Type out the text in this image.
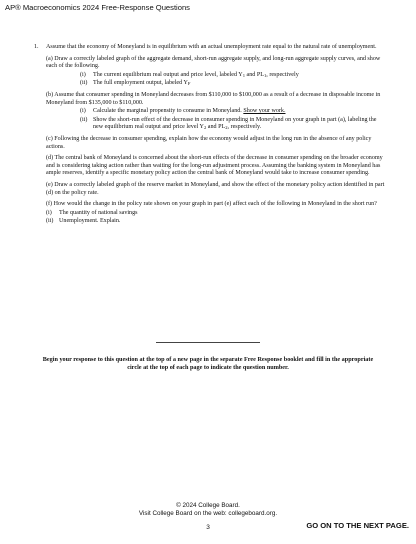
AP® Macroeconomics 2024 Free-Response Questions
1.	Assume that the economy of Moneyland is in equilibrium with an actual unemployment rate equal to the natural rate of unemployment.
(a) Draw a correctly labeled graph of the aggregate demand, short-run aggregate supply, and long-run aggregate supply curves, and show each of the following.
(i)	The current equilibrium real output and price level, labeled $Y_1$ and $PL_1$, respectively
(ii) The full employment output, labeled $Y_F$
(b) Assume that consumer spending in Moneyland decreases from $110,000 to $100,000 as a result of a decrease in disposable income in Moneyland from $135,000 to $110,000.
(i)	Calculate the marginal propensity to consume in Moneyland. Show your work.
(ii) Show the short-run effect of the decrease in consumer spending in Moneyland on your graph in part (a), labeling the new equilibrium real output and price level $Y_2$ and $PL_2$, respectively.
(c) Following the decrease in consumer spending, explain how the economy would adjust in the long run in the absence of any policy actions.
(d) The central bank of Moneyland is concerned about the short-run effects of the decrease in consumer spending on the broader economy and is considering taking action rather than waiting for the long-run adjustment process. Assuming the banking system in Moneyland has ample reserves, identify a specific monetary policy action the central bank of Moneyland would take to increase consumer spending.
(e) Draw a correctly labeled graph of the reserve market in Moneyland, and show the effect of the monetary policy action identified in part (d) on the policy rate.
(f) How would the change in the policy rate shown on your graph in part (e) affect each of the following in Moneyland in the short run?
(i)	The quantity of national savings
(ii) Unemployment. Explain.
Begin your response to this question at the top of a new page in the separate Free Response booklet and fill in the appropriate circle at the top of each page to indicate the question number.
© 2024 College Board.
Visit College Board on the web: collegeboard.org.
3	GO ON TO THE NEXT PAGE.
